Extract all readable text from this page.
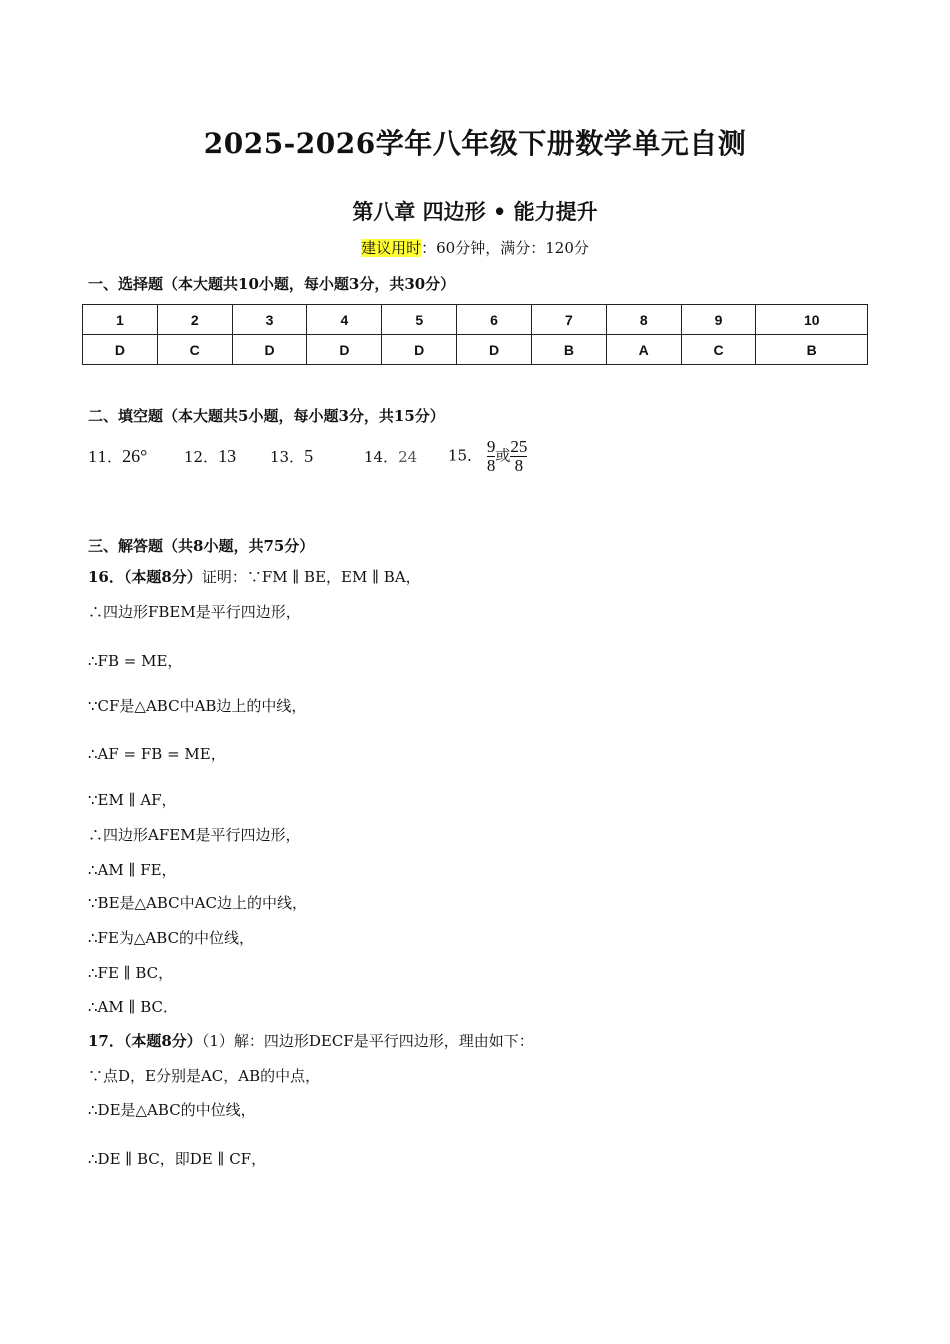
2025-2026学年八年级下册数学单元自测
第八章 四边形 • 能力提升
建议用时：60分钟，满分：120分
一、选择题（本大题共10小题，每小题3分，共30分）
1	2	3	4	5	6	7	8	9	10
D	C	D	D	D	D	B	A	C	B
二、填空题（本大题共5小题，每小题3分，共15分）
11．26° 12．13 13．5	14．24 15． $\frac{9}{8}$ 或 $\frac{25}{8}$
三、解答题（共8小题，共75分）
16．（本题8分）证明：∵FM ∥ BE，EM ∥ BA，
∴四边形FBEM是平行四边形，
∴FB = ME，
∵CF是△ABC中AB边上的中线，
∴AF = FB = ME，
∵EM ∥ AF，
∴四边形AFEM是平行四边形，
∴AM ∥ FE，
∵BE是△ABC中AC边上的中线，
∴FE为△ABC的中位线，
∴FE ∥ BC，
∴AM ∥ BC．
17．（本题8分）（1）解：四边形DECF是平行四边形，理由如下：
∵点D，E分别是AC，AB的中点，
∴DE是△ABC的中位线，
∴DE ∥ BC，即DE ∥ CF，
